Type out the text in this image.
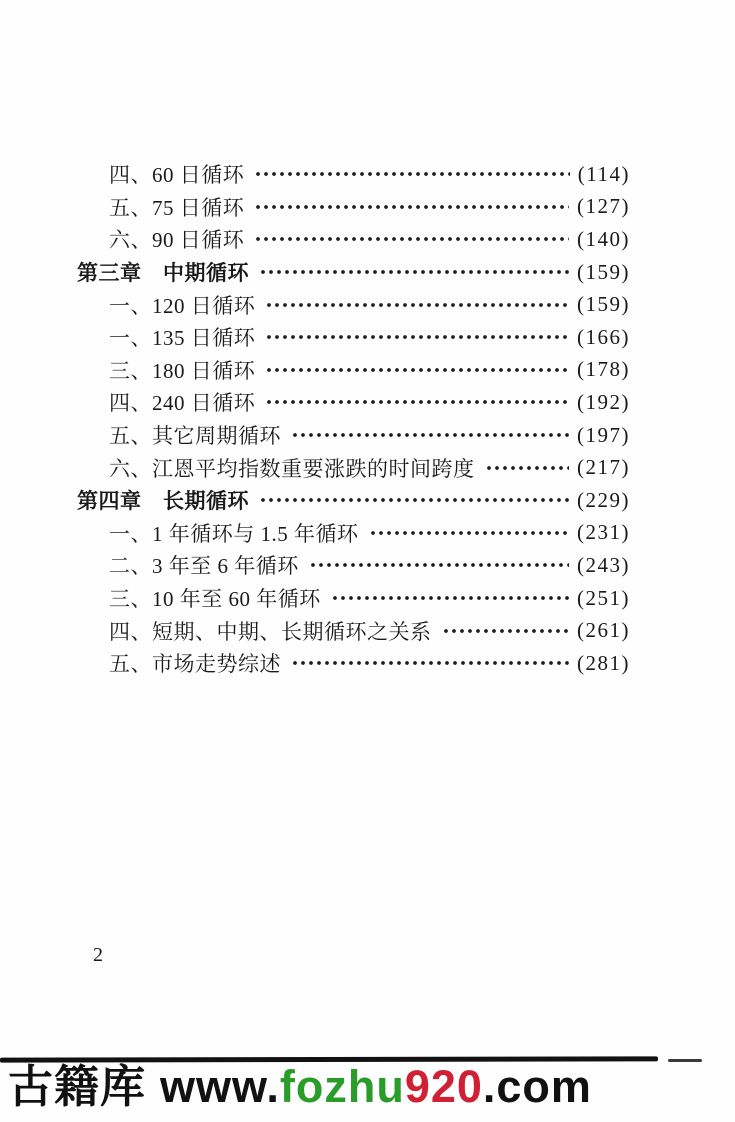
四、60 日循环	(114)
五、75 日循环	(127)
六、90 日循环	(140)
第三章　中期循环	(159)
一、120 日循环	(159)
一、135 日循环	(166)
三、180 日循环	(178)
四、240 日循环	(192)
五、其它周期循环	(197)
六、江恩平均指数重要涨跌的时间跨度	(217)
第四章　长期循环	(229)
一、1 年循环与 1.5 年循环	(231)
二、3 年至 6 年循环	(243)
三、10 年至 60 年循环	(251)
四、短期、中期、长期循环之关系	(261)
五、市场走势综述	(281)
2
古籍库 www.fozhu920.com
